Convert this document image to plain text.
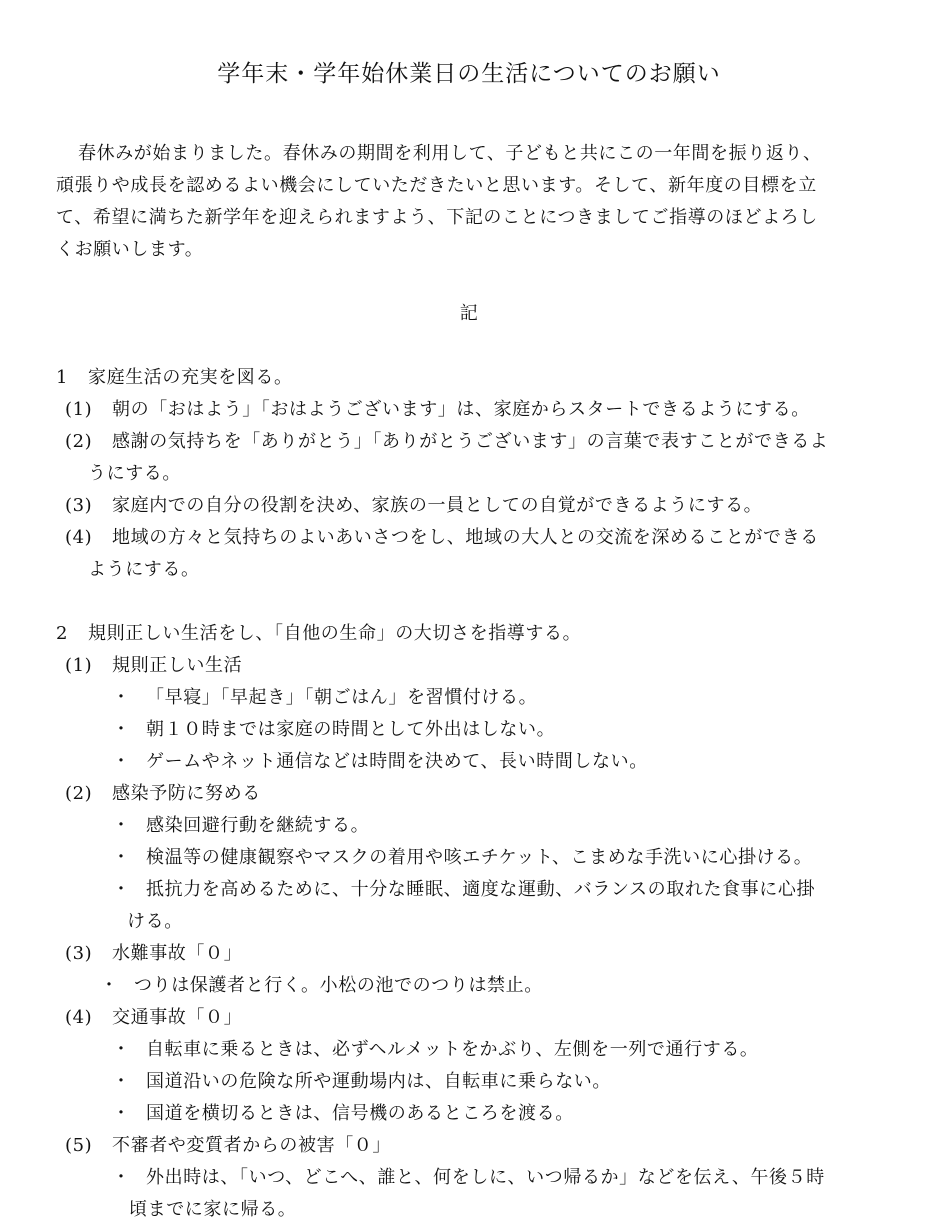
学年末・学年始休業日の生活についてのお願い
春休みが始まりました。春休みの期間を利用して、子どもと共にこの一年間を振り返り、
頑張りや成長を認めるよい機会にしていただきたいと思います。そして、新年度の目標を立
て、希望に満ちた新学年を迎えられますよう、下記のことにつきましてご指導のほどよろし
くお願いします。
記
1 家庭生活の充実を図る。
(1) 朝の「おはよう」「おはようございます」は、家庭からスタートできるようにする。
(2) 感謝の気持ちを「ありがとう」「ありがとうございます」の言葉で表すことができるよ
うにする。
(3) 家庭内での自分の役割を決め、家族の一員としての自覚ができるようにする。
(4) 地域の方々と気持ちのよいあいさつをし、地域の大人との交流を深めることができる
ようにする。
2 規則正しい生活をし、「自他の生命」の大切さを指導する。
(1) 規則正しい生活
・ 「早寝」「早起き」「朝ごはん」を習慣付ける。
・ 朝１０時までは家庭の時間として外出はしない。
・ ゲームやネット通信などは時間を決めて、長い時間しない。
(2) 感染予防に努める
・ 感染回避行動を継続する。
・ 検温等の健康観察やマスクの着用や咳エチケット、こまめな手洗いに心掛ける。
・ 抵抗力を高めるために、十分な睡眠、適度な運動、バランスの取れた食事に心掛
ける。
(3) 水難事故「０」
・ つりは保護者と行く。小松の池でのつりは禁止。
(4) 交通事故「０」
・ 自転車に乗るときは、必ずヘルメットをかぶり、左側を一列で通行する。
・ 国道沿いの危険な所や運動場内は、自転車に乗らない。
・ 国道を横切るときは、信号機のあるところを渡る。
(5) 不審者や変質者からの被害「０」
・ 外出時は、「いつ、どこへ、誰と、何をしに、いつ帰るか」などを伝え、午後５時
頃までに家に帰る。
